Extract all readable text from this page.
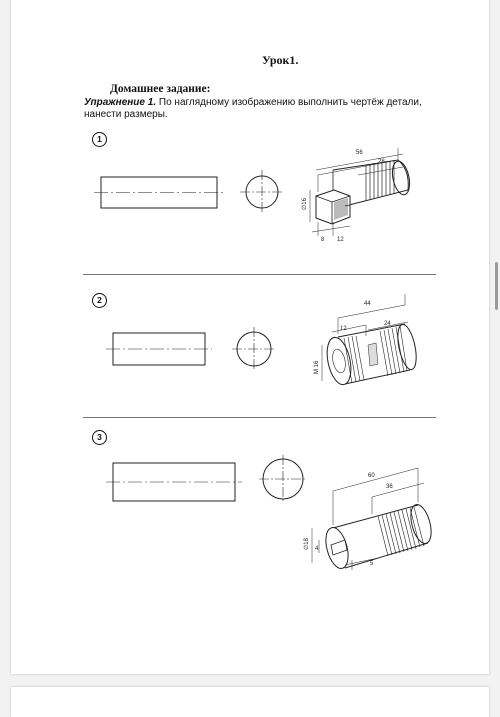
Урок1.
Домашнее задание:
Упражнение 1. По наглядному изображению выполнить чертёж детали, нанести размеры.
1
2
3
56
28
∅16
8 12
44
12
24
M 16
60
36
∅18 4
5
